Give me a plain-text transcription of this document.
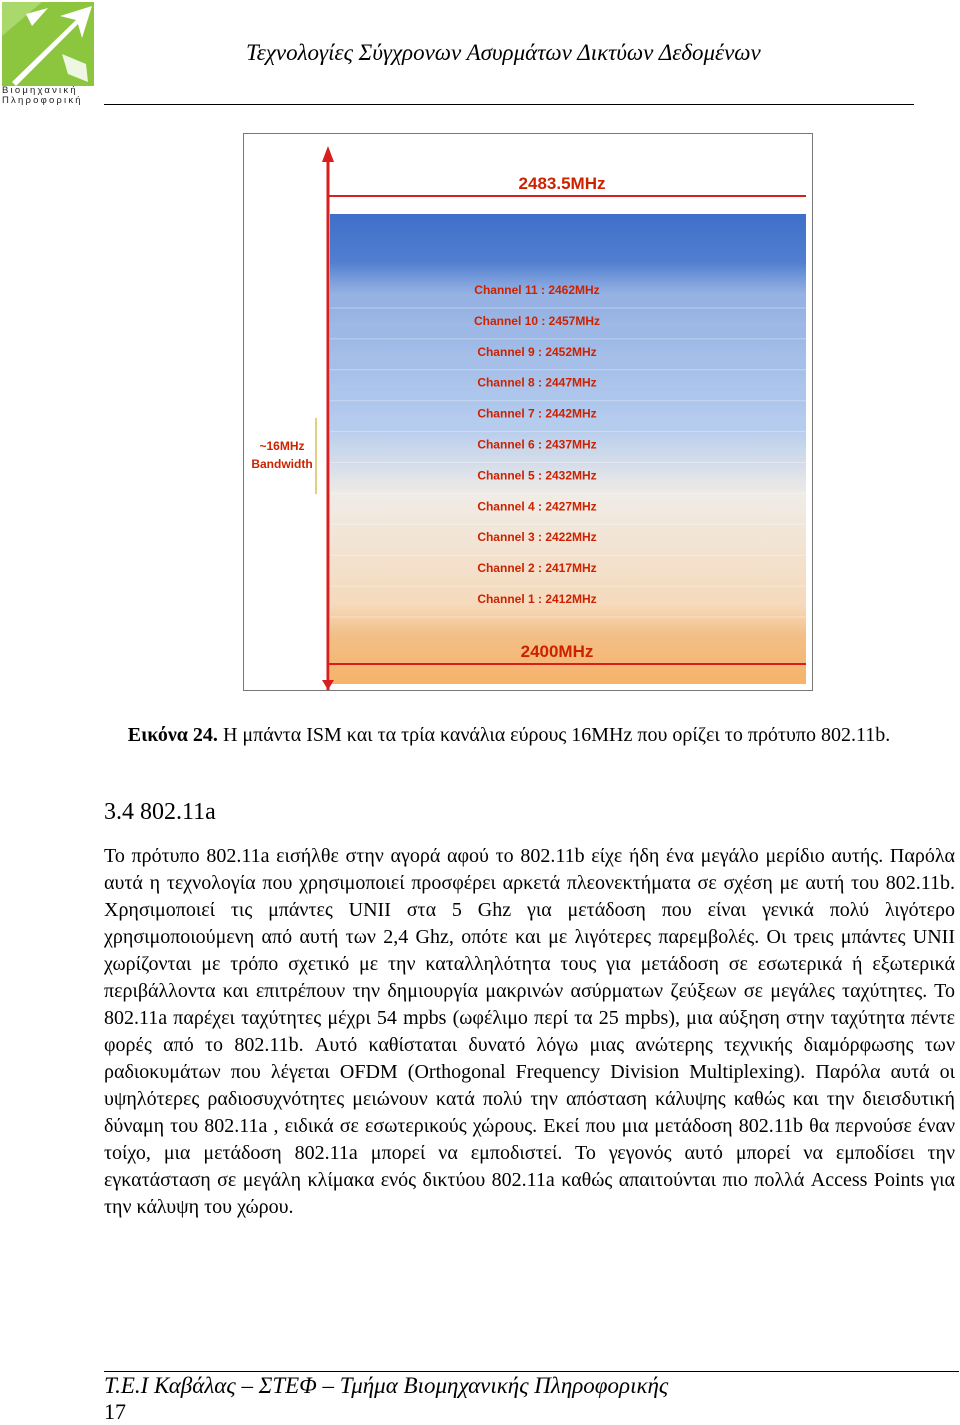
Βιομηχανική Πληροφορική
Τεχνολογίες Σύγχρονων Ασυρμάτων Δικτύων Δεδομένων
Channel 11 : 2462MHz
Channel 10 : 2457MHz
Channel 9 : 2452MHz
Channel 8 : 2447MHz
Channel 7 : 2442MHz
Channel 6 : 2437MHz
Channel 5 : 2432MHz
Channel 4 : 2427MHz
Channel 3 : 2422MHz
Channel 2 : 2417MHz
Channel 1 : 2412MHz
2483.5MHz
2400MHz
~16MHz
Bandwidth
Εικόνα 24. Η μπάντα ISM και τα τρία κανάλια εύρους 16MHz που ορίζει το πρότυπο 802.11b.
3.4 802.11a
Το πρότυπο 802.11a εισήλθε στην αγορά αφού το 802.11b είχε ήδη ένα μεγάλο μερίδιο αυτής. Παρόλα αυτά η τεχνολογία που χρησιμοποιεί προσφέρει αρκετά πλεονεκτήματα σε σχέση με αυτή του 802.11b. Χρησιμοποιεί τις μπάντες UNII στα 5 Ghz για μετάδοση που είναι γενικά πολύ λιγότερο χρησιμοποιούμενη από αυτή των 2,4 Ghz, οπότε και με λιγότερες παρεμβολές. Οι τρεις μπάντες UNII χωρίζονται με τρόπο σχετικό με την καταλληλότητα τους για μετάδοση σε εσωτερικά ή εξωτερικά περιβάλλοντα και επιτρέπουν την δημιουργία μακρινών ασύρματων ζεύξεων σε μεγάλες ταχύτητες. Το 802.11a παρέχει ταχύτητες μέχρι 54 mpbs (ωφέλιμο περί τα 25 mpbs), μια αύξηση στην ταχύτητα πέντε φορές από το 802.11b. Αυτό καθίσταται δυνατό λόγω μιας ανώτερης τεχνικής διαμόρφωσης των ραδιοκυμάτων που λέγεται OFDM (Orthogonal Frequency Division Multiplexing). Παρόλα αυτά οι υψηλότερες ραδιοσυχνότητες μειώνουν κατά πολύ την απόσταση κάλυψης καθώς και την διεισδυτική δύναμη του 802.11a , ειδικά σε εσωτερικούς χώρους. Εκεί που μια μετάδοση 802.11b θα περνούσε έναν τοίχο, μια μετάδοση 802.11a μπορεί να εμποδιστεί. Το γεγονός αυτό μπορεί να εμποδίσει την εγκατάσταση σε μεγάλη κλίμακα ενός δικτύου 802.11a καθώς απαιτούνται πιο πολλά Access Points για την κάλυψη του χώρου.
Τ.Ε.Ι Καβάλας – ΣΤΕΦ – Τμήμα Βιομηχανικής Πληροφορικής
17
